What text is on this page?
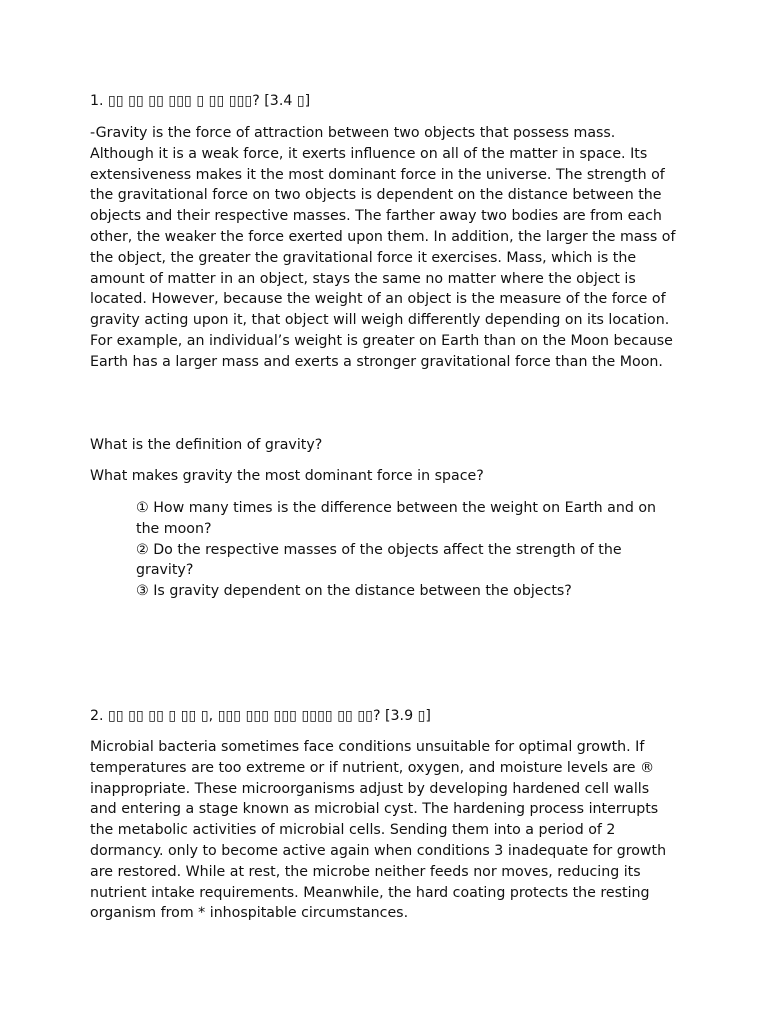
1. ▯▯ ▯▯ ▯▯ ▯▯▯ ▯ ▯▯ ▯▯▯? [3.4 ▯]

-Gravity is the force of attraction between two objects that possess mass. Although it is a weak force, it exerts influence on all of the matter in space. Its extensiveness makes it the most dominant force in the universe. The strength of the gravitational force on two objects is dependent on the distance between the objects and their respective masses. The farther away two bodies are from each other, the weaker the force exerted upon them. In addition, the larger the mass of the object, the greater the gravitational force it exercises. Mass, which is the amount of matter in an object, stays the same no matter where the object is located. However, because the weight of an object is the measure of the force of gravity acting upon it, that object will weigh differently depending on its location. For example, an individual’s weight is greater on Earth than on the Moon because Earth has a larger mass and exerts a stronger gravitational force than the Moon.

What is the definition of gravity?
What makes gravity the most dominant force in space?
① How many times is the difference between the weight on Earth and on the moon?
② Do the respective masses of the objects affect the strength of the gravity?
③ Is gravity dependent on the distance between the objects?
2. ▯▯ ▯▯ ▯▯ ▯ ▯▯ ▯, ▯▯▯ ▯▯▯ ▯▯▯ ▯▯▯▯ ▯▯ ▯▯? [3.9 ▯]

Microbial bacteria sometimes face conditions unsuitable for optimal growth. If temperatures are too extreme or if nutrient, oxygen, and moisture levels are ® inappropriate. These microorganisms adjust by developing hardened cell walls and entering a stage known as microbial cyst. The hardening process interrupts the metabolic activities of microbial cells. Sending them into a period of 2 dormancy. only to become active again when conditions 3 inadequate for growth are restored. While at rest, the microbe neither feeds nor moves, reducing its nutrient intake requirements. Meanwhile, the hard coating protects the resting organism from * inhospitable circumstances.
